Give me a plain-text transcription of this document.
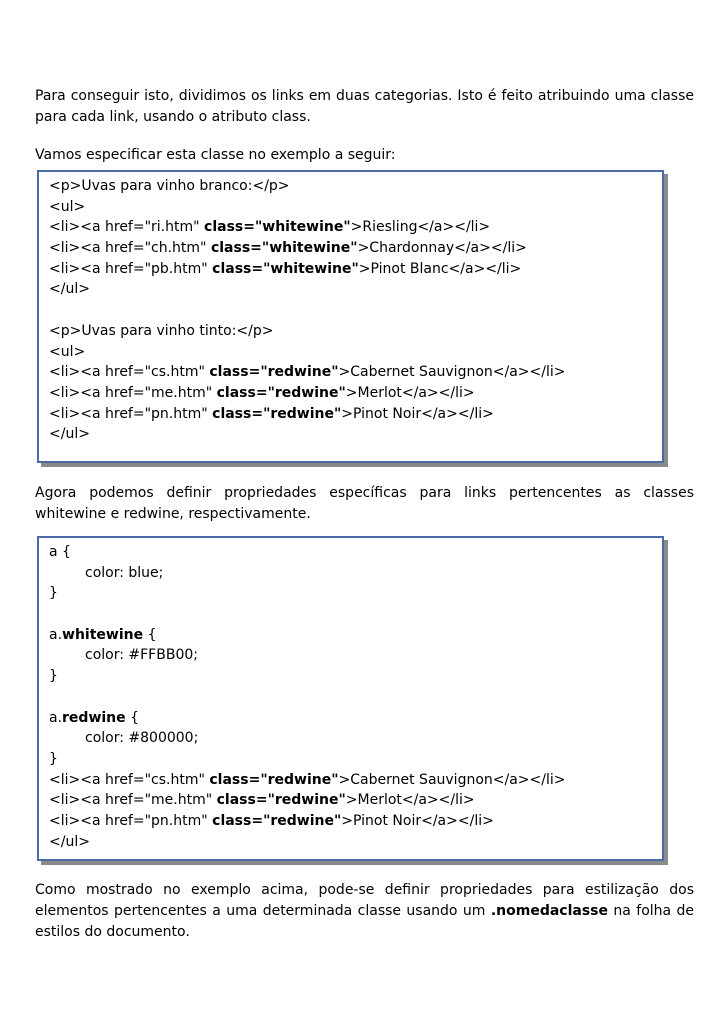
Para conseguir isto, dividimos os links em duas categorias. Isto é feito atribuindo uma classe para cada link, usando o atributo class.

Vamos especificar esta classe no exemplo a seguir:

<p>Uvas para vinho branco:</p>
<ul>
<li><a href="ri.htm" class="whitewine">Riesling</a></li>
<li><a href="ch.htm" class="whitewine">Chardonnay</a></li>
<li><a href="pb.htm" class="whitewine">Pinot Blanc</a></li>
</ul>
<p>Uvas para vinho tinto:</p>
<ul>
<li><a href="cs.htm" class="redwine">Cabernet Sauvignon</a></li>
<li><a href="me.htm" class="redwine">Merlot</a></li>
<li><a href="pn.htm" class="redwine">Pinot Noir</a></li>
</ul>

Agora podemos definir propriedades específicas para links pertencentes as classes whitewine e redwine, respectivamente.

a {
color: blue;
}
a.whitewine {
color: #FFBB00;
}
a.redwine {
color: #800000;
}
<li><a href="cs.htm" class="redwine">Cabernet Sauvignon</a></li>
<li><a href="me.htm" class="redwine">Merlot</a></li>
<li><a href="pn.htm" class="redwine">Pinot Noir</a></li>
</ul>

Como mostrado no exemplo acima, pode-se definir propriedades para estilização dos elementos pertencentes a uma determinada classe usando um .nomedaclasse na folha de estilos do documento.
